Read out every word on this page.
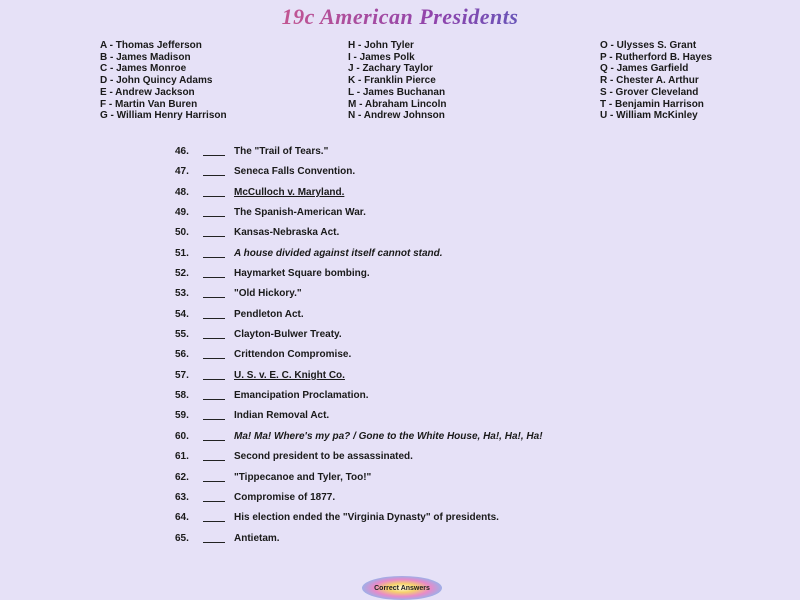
19c American Presidents
A - Thomas Jefferson
B - James Madison
C - James Monroe
D - John Quincy Adams
E - Andrew Jackson
F - Martin Van Buren
G - William Henry Harrison
H - John Tyler
I - James Polk
J - Zachary Taylor
K - Franklin Pierce
L - James Buchanan
M - Abraham Lincoln
N - Andrew Johnson
O - Ulysses S. Grant
P - Rutherford B. Hayes
Q - James Garfield
R - Chester A. Arthur
S - Grover Cleveland
T - Benjamin Harrison
U - William McKinley
46.	The "Trail of Tears."
47.	Seneca Falls Convention.
48.	McCulloch v. Maryland.
49.	The Spanish-American War.
50.	Kansas-Nebraska Act.
51.	A house divided against itself cannot stand.
52.	Haymarket Square bombing.
53.	"Old Hickory."
54.	Pendleton Act.
55.	Clayton-Bulwer Treaty.
56.	Crittendon Compromise.
57.	U. S. v. E. C. Knight Co.
58.	Emancipation Proclamation.
59.	Indian Removal Act.
60.	Ma! Ma! Where's my pa? / Gone to the White House, Ha!, Ha!, Ha!
61.	Second president to be assassinated.
62.	"Tippecanoe and Tyler, Too!"
63.	Compromise of 1877.
64.	His election ended the "Virginia Dynasty" of presidents.
65.	Antietam.
Correct Answers
